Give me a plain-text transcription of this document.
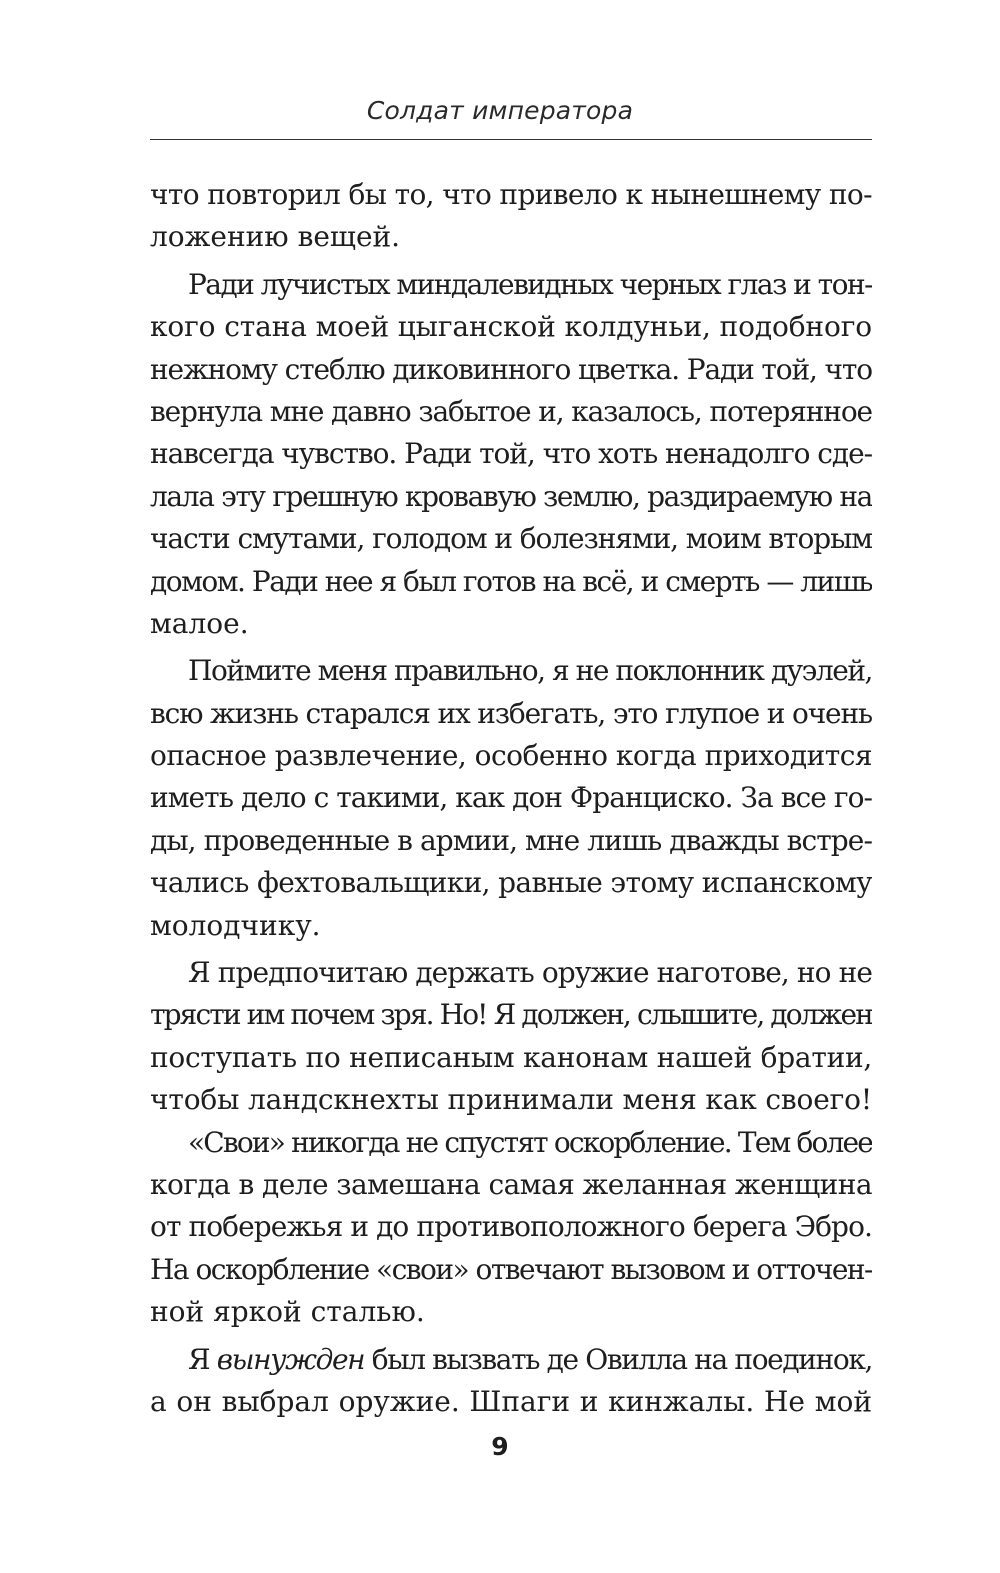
Солдат императора
что повторил бы то, что привело к нынешнему по-
ложению вещей.
Ради лучистых миндалевидных черных глаз и тон-
кого стана моей цыганской колдуньи, подобного
нежному стеблю диковинного цветка. Ради той, что
вернула мне давно забытое и, казалось, потерянное
навсегда чувство. Ради той, что хоть ненадолго сде-
лала эту грешную кровавую землю, раздираемую на
части смутами, голодом и болезнями, моим вторым
домом. Ради нее я был готов на всё, и смерть — лишь
малое.
Поймите меня правильно, я не поклонник дуэлей,
всю жизнь старался их избегать, это глупое и очень
опасное развлечение, особенно когда приходится
иметь дело с такими, как дон Франциско. За все го-
ды, проведенные в армии, мне лишь дважды встре-
чались фехтовальщики, равные этому испанскому
молодчику.
Я предпочитаю держать оружие наготове, но не
трясти им почем зря. Но! Я должен, слышите, должен
поступать по неписаным канонам нашей братии,
чтобы ландскнехты принимали меня как своего!
«Свои» никогда не спустят оскорбление. Тем более
когда в деле замешана самая желанная женщина
от побережья и до противоположного берега Эбро.
На оскорбление «свои» отвечают вызовом и отточен-
ной яркой сталью.
Я вынужден был вызвать де Овилла на поединок,
а он выбрал оружие. Шпаги и кинжалы. Не мой
9
